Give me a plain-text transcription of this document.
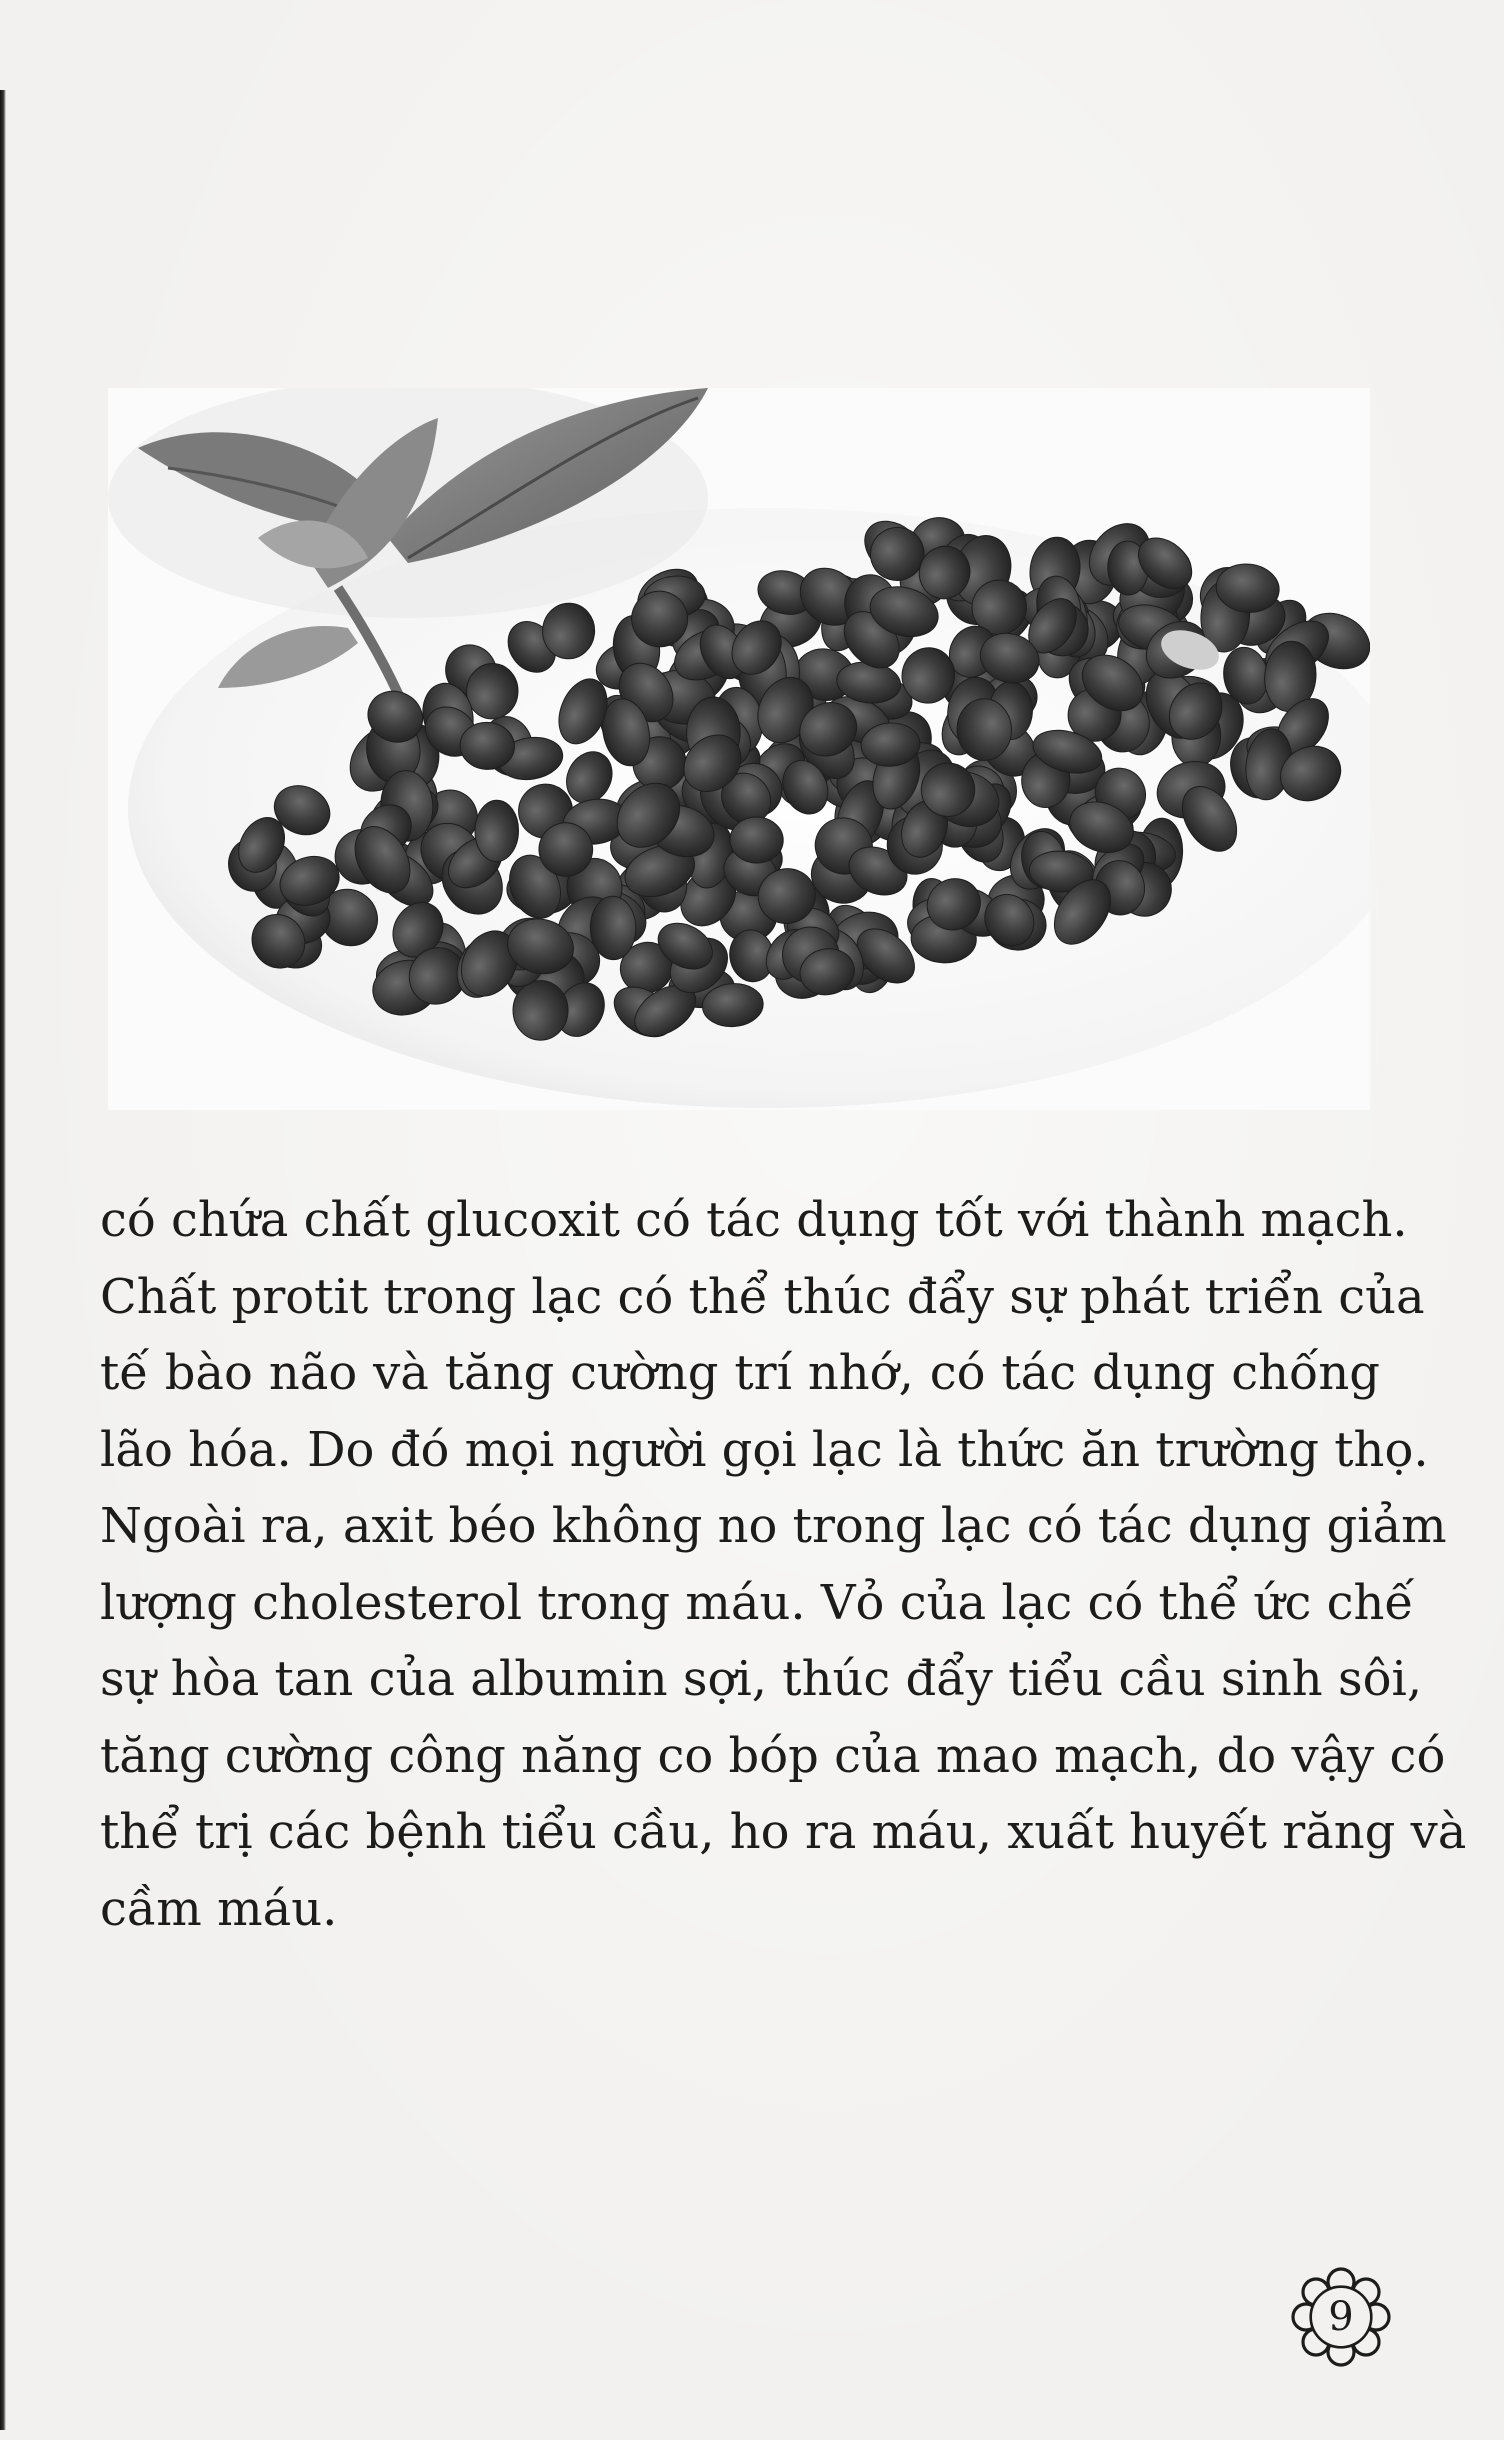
có chứa chất glucoxit có tác dụng tốt với thành mạch.
Chất protit trong lạc có thể thúc đẩy sự phát triển của
tế bào não và tăng cường trí nhớ, có tác dụng chống
lão hóa. Do đó mọi người gọi lạc là thức ăn trường thọ.
Ngoài ra, axit béo không no trong lạc có tác dụng giảm
lượng cholesterol trong máu. Vỏ của lạc có thể ức chế
sự hòa tan của albumin sợi, thúc đẩy tiểu cầu sinh sôi,
tăng cường công năng co bóp của mao mạch, do vậy có
thể trị các bệnh tiểu cầu, ho ra máu, xuất huyết răng và
cầm máu.
9
